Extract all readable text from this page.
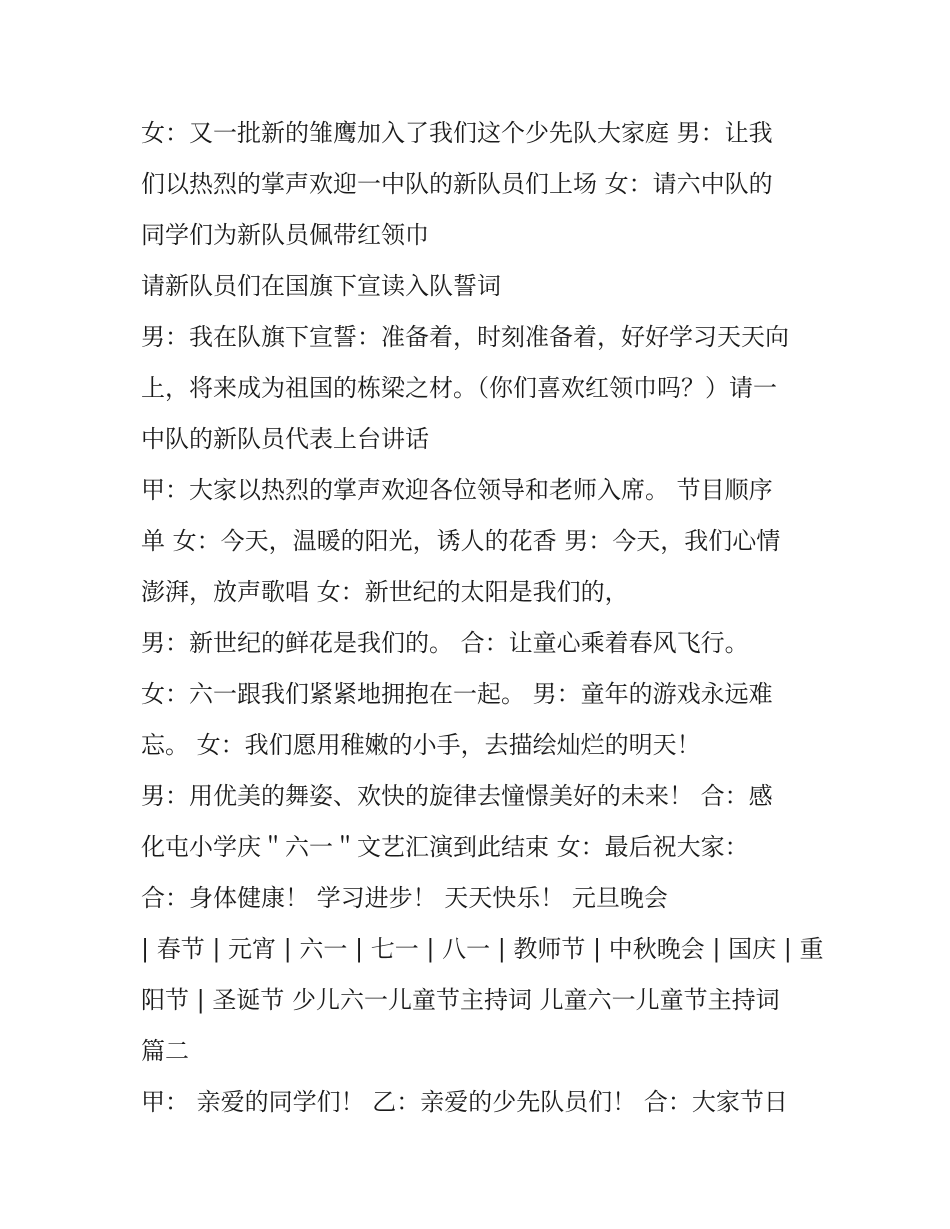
女：又一批新的雏鹰加入了我们这个少先队大家庭 男：让我
们以热烈的掌声欢迎一中队的新队员们上场 女：请六中队的
同学们为新队员佩带红领巾
请新队员们在国旗下宣读入队誓词
男：我在队旗下宣誓：准备着，时刻准备着，好好学习天天向
上，将来成为祖国的栋梁之材。（你们喜欢红领巾吗？）请一
中队的新队员代表上台讲话
甲：大家以热烈的掌声欢迎各位领导和老师入席。 节目顺序
单 女：今天，温暖的阳光，诱人的花香 男：今天，我们心情
澎湃，放声歌唱 女：新世纪的太阳是我们的，
男：新世纪的鲜花是我们的。 合：让童心乘着春风飞行。
女：六一跟我们紧紧地拥抱在一起。 男：童年的游戏永远难
忘。 女：我们愿用稚嫩的小手，去描绘灿烂的明天！
男：用优美的舞姿、欢快的旋律去憧憬美好的未来！ 合：感
化屯小学庆＂六一＂文艺汇演到此结束 女：最后祝大家：
合：身体健康！ 学习进步！ 天天快乐！ 元旦晚会
| 春节 | 元宵 | 六一 | 七一 | 八一 | 教师节 | 中秋晚会 | 国庆 | 重
阳节 | 圣诞节 少儿六一儿童节主持词 儿童六一儿童节主持词
篇二
甲： 亲爱的同学们！ 乙：亲爱的少先队员们！ 合：大家节日
